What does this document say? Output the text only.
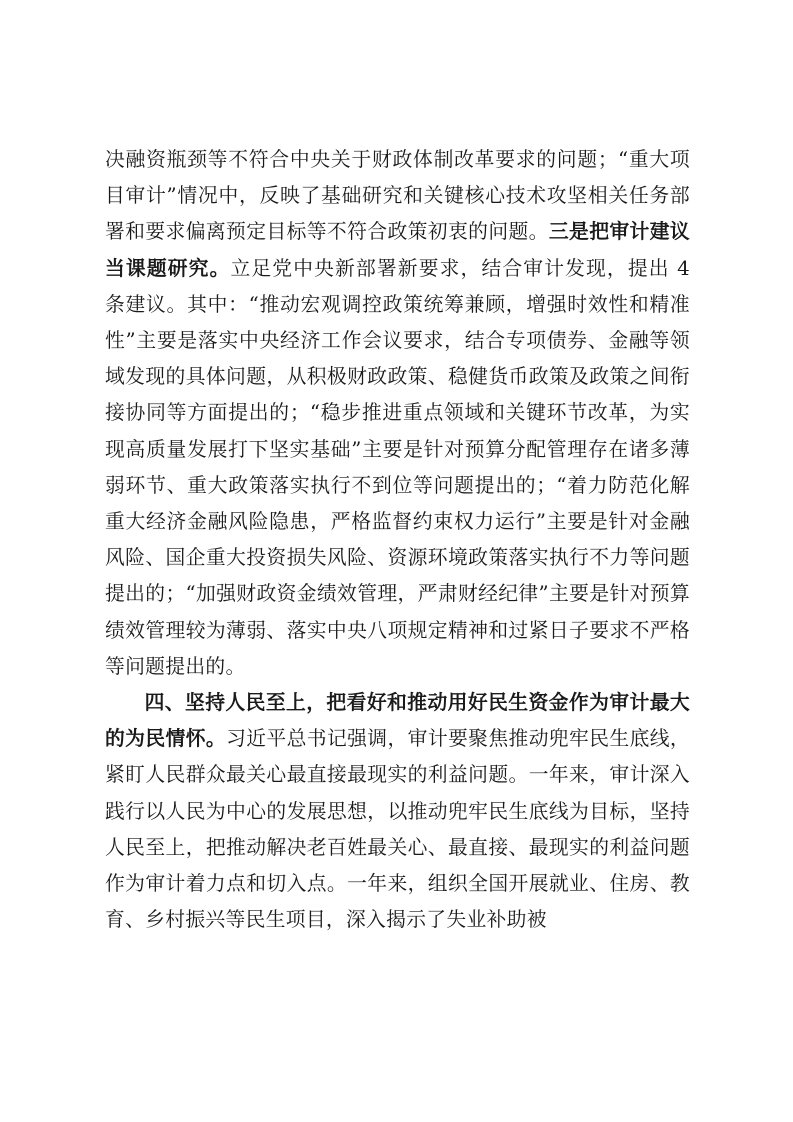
决融资瓶颈等不符合中央关于财政体制改革要求的问题；“重大项目审计”情况中，反映了基础研究和关键核心技术攻坚相关任务部署和要求偏离预定目标等不符合政策初衷的问题。三是把审计建议当课题研究。立足党中央新部署新要求，结合审计发现，提出 4 条建议。其中：“推动宏观调控政策统筹兼顾，增强时效性和精准性”主要是落实中央经济工作会议要求，结合专项债券、金融等领域发现的具体问题，从积极财政政策、稳健货币政策及政策之间衔接协同等方面提出的；“稳步推进重点领域和关键环节改革，为实现高质量发展打下坚实基础”主要是针对预算分配管理存在诸多薄弱环节、重大政策落实执行不到位等问题提出的；“着力防范化解重大经济金融风险隐患，严格监督约束权力运行”主要是针对金融风险、国企重大投资损失风险、资源环境政策落实执行不力等问题提出的；“加强财政资金绩效管理，严肃财经纪律”主要是针对预算绩效管理较为薄弱、落实中央八项规定精神和过紧日子要求不严格等问题提出的。

四、坚持人民至上，把看好和推动用好民生资金作为审计最大的为民情怀。习近平总书记强调，审计要聚焦推动兜牢民生底线，紧盯人民群众最关心最直接最现实的利益问题。一年来，审计深入践行以人民为中心的发展思想，以推动兜牢民生底线为目标，坚持人民至上，把推动解决老百姓最关心、最直接、最现实的利益问题作为审计着力点和切入点。一年来，组织全国开展就业、住房、教育、乡村振兴等民生项目，深入揭示了失业补助被
